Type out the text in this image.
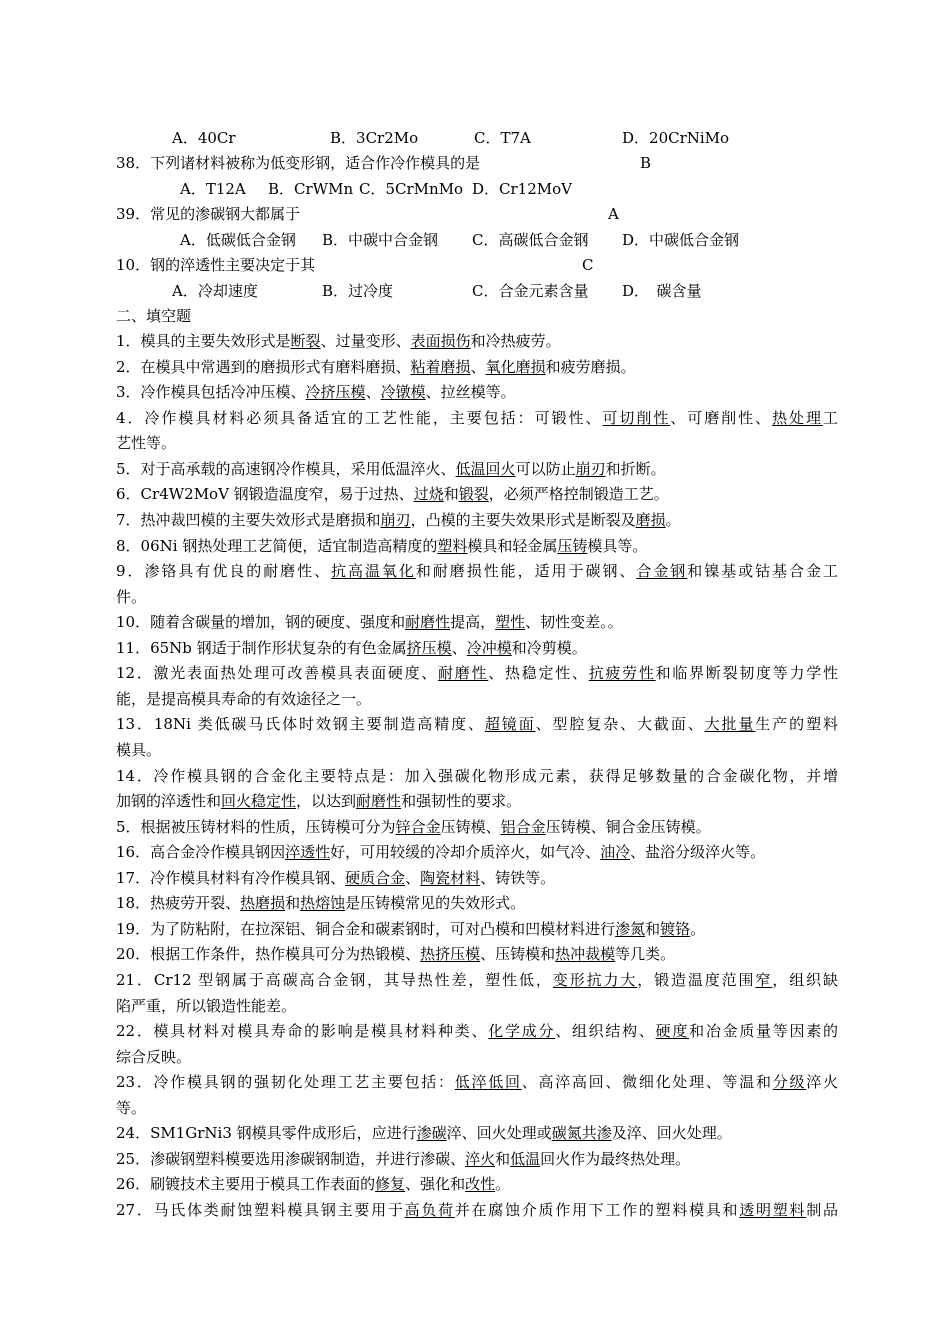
A．40Cr	B．3Cr2Mo	C．T7A	D．20CrNiMo
38．下列诸材料被称为低变形钢，适合作冷作模具的是	B
A．T12A B．CrWMn C．5CrMnMo D．Cr12MoV
39．常见的渗碳钢大都属于	A
A．低碳低合金钢 B．中碳中合金钢 C．高碳低合金钢 D．中碳低合金钢
10．钢的淬透性主要决定于其	C
A．冷却速度	B．过冷度	C．合金元素含量 D．　碳含量
二、填空题
1．模具的主要失效形式是断裂、过量变形、表面损伤和冷热疲劳。
2．在模具中常遇到的磨损形式有磨料磨损、粘着磨损、氧化磨损和疲劳磨损。
3．冷作模具包括冷冲压模、冷挤压模、冷镦模、拉丝模等。
4．冷作模具材料必须具备适宜的工艺性能，主要包括：可锻性、可切削性、可磨削性、热处理工
艺性等。
5．对于高承载的高速钢冷作模具，采用低温淬火、低温回火可以防止崩刃和折断。
6．Cr4W2MoV 钢锻造温度窄，易于过热、过烧和锻裂，必须严格控制锻造工艺。
7．热冲裁凹模的主要失效形式是磨损和崩刃，凸模的主要失效果形式是断裂及磨损。
8．06Ni 钢热处理工艺简便，适宜制造高精度的塑料模具和轻金属压铸模具等。
9．渗铬具有优良的耐磨性、抗高温氧化和耐磨损性能，适用于碳钢、合金钢和镍基或钴基合金工
件。
10．随着含碳量的增加，钢的硬度、强度和耐磨性提高，塑性、韧性变差。。
11．65Nb 钢适于制作形状复杂的有色金属挤压模、冷冲模和冷剪模。
12．激光表面热处理可改善模具表面硬度、耐磨性、热稳定性、抗疲劳性和临界断裂韧度等力学性
能，是提高模具寿命的有效途径之一。
13．18Ni 类低碳马氏体时效钢主要制造高精度、超镜面、型腔复杂、大截面、大批量生产的塑料
模具。
14．冷作模具钢的合金化主要特点是：加入强碳化物形成元素，获得足够数量的合金碳化物，并增
加钢的淬透性和回火稳定性，以达到耐磨性和强韧性的要求。
5．根据被压铸材料的性质，压铸模可分为锌合金压铸模、铝合金压铸模、铜合金压铸模。
16．高合金冷作模具钢因淬透性好，可用较缓的冷却介质淬火，如气冷、油冷、盐浴分级淬火等。
17．冷作模具材料有冷作模具钢、硬质合金、陶瓷材料、铸铁等。
18．热疲劳开裂、热磨损和热熔蚀是压铸模常见的失效形式。
19．为了防粘附，在拉深铝、铜合金和碳素钢时，可对凸模和凹模材料进行渗氮和镀铬。
20．根据工作条件，热作模具可分为热锻模、热挤压模、压铸模和热冲裁模等几类。
21．Cr12 型钢属于高碳高合金钢，其导热性差，塑性低，变形抗力大，锻造温度范围窄，组织缺
陷严重，所以锻造性能差。
22．模具材料对模具寿命的影响是模具材料种类、化学成分、组织结构、硬度和冶金质量等因素的
综合反映。
23．冷作模具钢的强韧化处理工艺主要包括：低淬低回、高淬高回、微细化处理、等温和分级淬火
等。
24．SM1GrNi3 钢模具零件成形后，应进行渗碳淬、回火处理或碳氮共渗及淬、回火处理。
25．渗碳钢塑料模要选用渗碳钢制造，并进行渗碳、淬火和低温回火作为最终热处理。
26．刷镀技术主要用于模具工作表面的修复、强化和改性。
27．马氏体类耐蚀塑料模具钢主要用于高负荷并在腐蚀介质作用下工作的塑料模具和透明塑料制品
